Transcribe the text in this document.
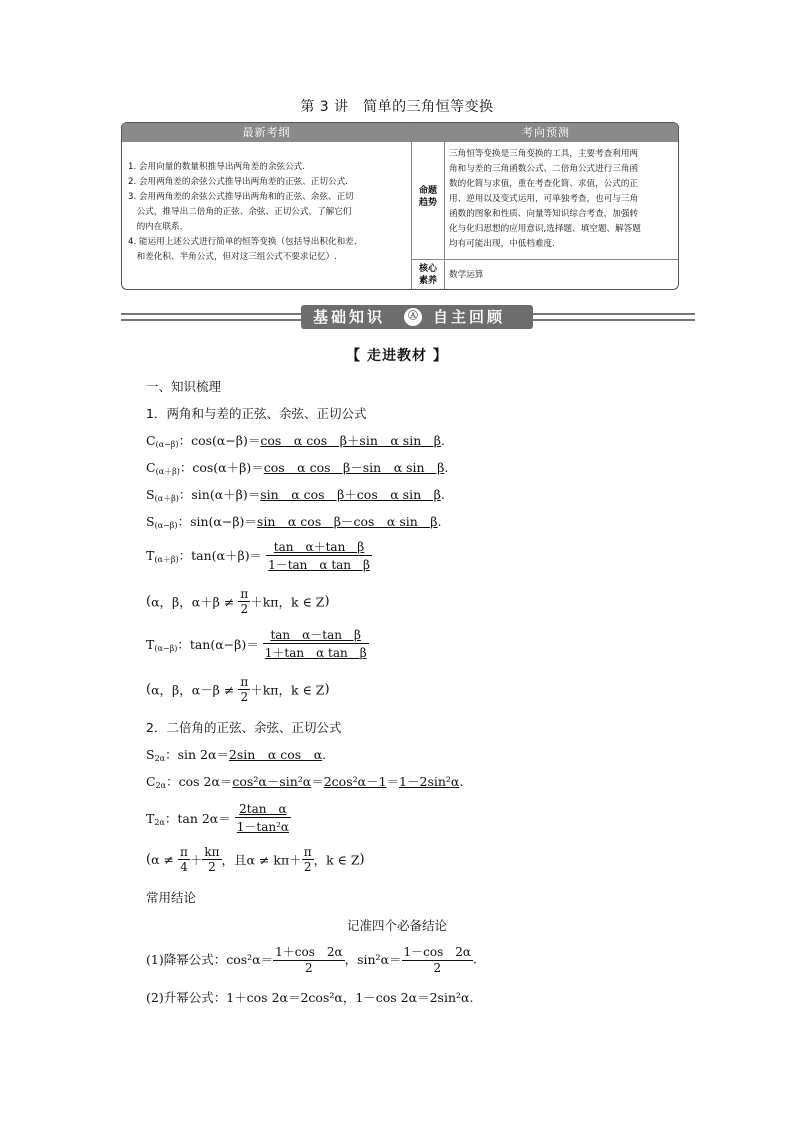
第 3 讲　简单的三角恒等变换
最新考纲	考向预测
1. 会用向量的数量积推导出两角差的余弦公式.
2. 会用两角差的余弦公式推导出两角差的正弦、正切公式.
3. 会用两角差的余弦公式推导出两角和的正弦、余弦、正切
　公式，推导出二倍角的正弦、余弦、正切公式，了解它们
　的内在联系.
4. 能运用上述公式进行简单的恒等变换（包括导出积化和差、
　和差化积、半角公式，但对这三组公式不要求记忆）.
命题
趋势
三角恒等变换是三角变换的工具，主要考查利用两
角和与差的三角函数公式、二倍角公式进行三角函
数的化简与求值，重在考查化简、求值，公式的正
用、逆用以及变式运用，可单独考查，也可与三角
函数的图象和性质、向量等知识综合考查，加强转
化与化归思想的应用意识,选择题、填空题、解答题
均有可能出现，中低档难度.
核心
素养
数学运算
基础知识	Ⓐ 自主回顾
【 走进教材 】
一、知识梳理
1．两角和与差的正弦、余弦、正切公式
$C_{(\alpha-\beta)}$：cos(α−β)＝cos　α cos　β＋sin　α sin　β.
$C_{(\alpha+\beta)}$：cos(α＋β)＝cos　α cos　β－sin　α sin　β.
$S_{(\alpha+\beta)}$：sin(α＋β)＝sin　α cos　β＋cos　α sin　β.
$S_{(\alpha-\beta)}$：sin(α−β)＝sin　α cos　β－cos　α sin　β.
$T_{(\alpha+\beta)}$：$\tan(\alpha+\beta)= \frac{\text{tan　α＋tan　β}}{\text{1－tan　α tan　β}}$
(α，β，$\alpha+\beta \ne \frac{\pi}{2} +k\pi$，k ∈ Z)
$T_{(\alpha-\beta)}$：$\tan(\alpha-\beta)= \frac{\text{tan　α－tan　β}}{\text{1＋tan　α tan　β}}$
(α，β，$\alpha-\beta \ne \frac{\pi}{2} +k\pi$，k ∈ Z)
2．二倍角的正弦、余弦、正切公式
$S_{2\alpha}$：sin 2α＝2sin　α cos　α.
$C_{2\alpha}$：cos 2α＝cos²α－sin²α＝2cos²α－1＝1－2sin²α.
$T_{2\alpha}$：$\tan 2\alpha= \frac{\text{2tan　α}}{\text{1－tan²α}}$
($\alpha \ne \frac{\pi}{4} + \frac{k\pi}{2}$ ，且$\alpha \ne k\pi+ \frac{\pi}{2}$ ，k ∈ Z)
常用结论
记准四个必备结论
(1)降幂公式：$\cos^2\alpha= \frac{1+\cos 2\alpha}{2}$ ，$\sin^2\alpha= \frac{1-\cos 2\alpha}{2}$ .
(2)升幂公式：1＋cos 2α＝2cos²α，1－cos 2α＝2sin²α.
